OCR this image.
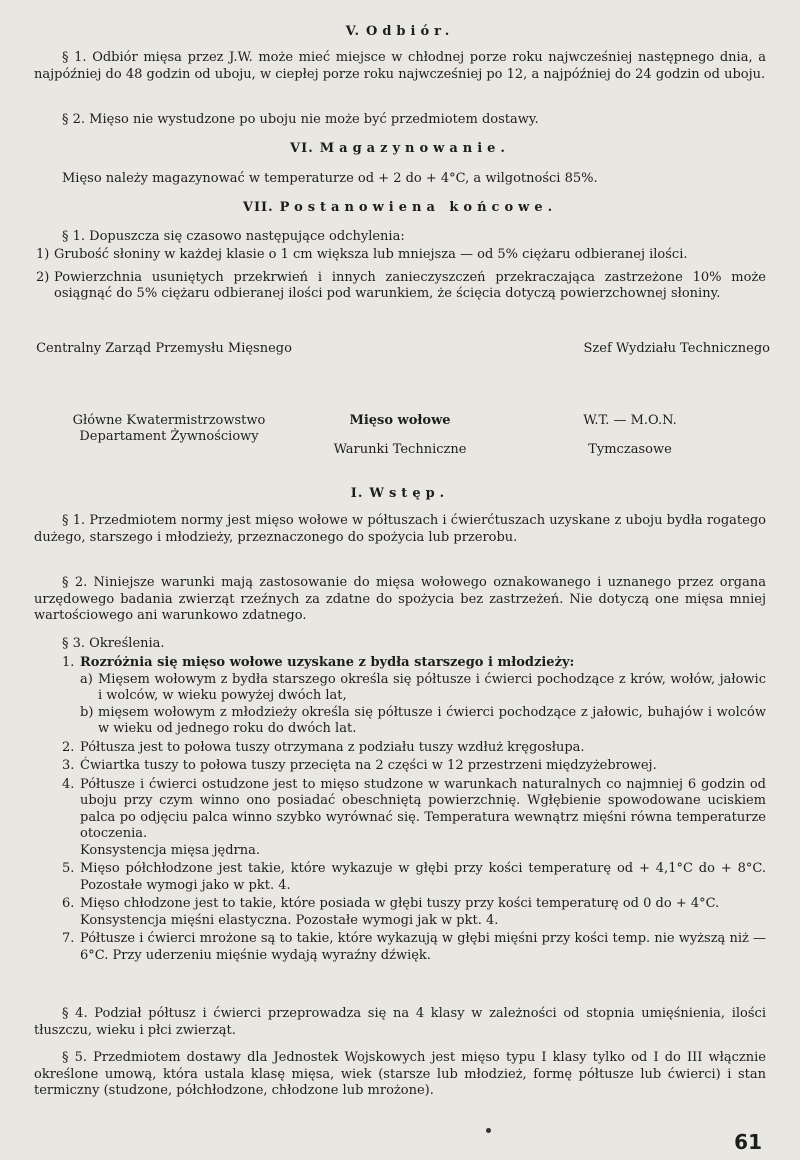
V. Odbiór.

§ 1. Odbiór mięsa przez J.W. może mieć miejsce w chłodnej porze roku najwcześniej następnego dnia, a najpóźniej do 48 godzin od uboju, w ciepłej porze roku najwcześniej po 12, a najpóźniej do 24 godzin od uboju.

§ 2. Mięso nie wystudzone po uboju nie może być przedmiotem dostawy.

VI. Magazynowanie.

Mięso należy magazynować w temperaturze od + 2 do + 4°C, a wilgotności 85%.

VII. Postanowiena końcowe.

§ 1. Dopuszcza się czasowo następujące odchylenia:

1) Grubość słoniny w każdej klasie o 1 cm większa lub mniejsza — od 5% ciężaru odbieranej ilości.
2) Powierzchnia usuniętych przekrwień i innych zanieczyszczeń przekraczająca zastrzeżone 10% może osiągnąć do 5% ciężaru odbieranej ilości pod warunkiem, że ścięcia dotyczą powierzchownej słoniny.
Centralny Zarząd Przemysłu Mięsnego	Szef Wydziału Technicznego
Główne Kwatermistrzowstwo Departament Żywnościowy
Mięso wołowe
Warunki Techniczne
W.T. — M.O.N.
Tymczasowe
I. Wstęp.

§ 1. Przedmiotem normy jest mięso wołowe w półtuszach i ćwierćtuszach uzyskane z uboju bydła rogatego dużego, starszego i młodzieży, przeznaczonego do spożycia lub przerobu.

§ 2. Niniejsze warunki mają zastosowanie do mięsa wołowego oznakowanego i uznanego przez organa urzędowego badania zwierząt rzeźnych za zdatne do spożycia bez zastrzeżeń. Nie dotyczą one mięsa mniej wartościowego ani warunkowo zdatnego.

§ 3. Określenia.

1. Rozróżnia się mięso wołowe uzyskane z bydła starszego i młodzieży:
a) Mięsem wołowym z bydła starszego określa się półtusze i ćwierci pochodzące z krów, wołów, jałowic i wolców, w wieku powyżej dwóch lat,
b) mięsem wołowym z młodzieży określa się półtusze i ćwierci pochodzące z jałowic, buhajów i wolców w wieku od jednego roku do dwóch lat.
2. Półtusza jest to połowa tuszy otrzymana z podziału tuszy wzdłuż kręgosłupa.
3. Ćwiartka tuszy to połowa tuszy przecięta na 2 części w 12 przestrzeni międzyżebrowej.
4. Półtusze i ćwierci ostudzone jest to mięso studzone w warunkach naturalnych co najmniej 6 godzin od uboju przy czym winno ono posiadać obeschniętą powierzchnię. Wgłębienie spowodowane uciskiem palca po odjęciu palca winno szybko wyrównać się. Temperatura wewnątrz mięśni równa temperaturze otoczenia.
Konsystencja mięsa jędrna.
5. Mięso półchłodzone jest takie, które wykazuje w głębi przy kości temperaturę od + 4,1°C do + 8°C. Pozostałe wymogi jako w pkt. 4.
6. Mięso chłodzone jest to takie, które posiada w głębi tuszy przy kości temperaturę od 0 do + 4°C.
Konsystencja mięśni elastyczna. Pozostałe wymogi jak w pkt. 4.
7. Półtusze i ćwierci mrożone są to takie, które wykazują w głębi mięśni przy kości temp. nie wyższą niż — 6°C. Przy uderzeniu mięśnie wydają wyraźny dźwięk.

§ 4. Podział półtusz i ćwierci przeprowadza się na 4 klasy w zależności od stopnia umięśnienia, ilości tłuszczu, wieku i płci zwierząt.

§ 5. Przedmiotem dostawy dla Jednostek Wojskowych jest mięso typu I klasy tylko od I do III włącznie określone umową, która ustala klasę mięsa, wiek (starsze lub młodzież, formę półtusze lub ćwierci) i stan termiczny (studzone, półchłodzone, chłodzone lub mrożone).

61
